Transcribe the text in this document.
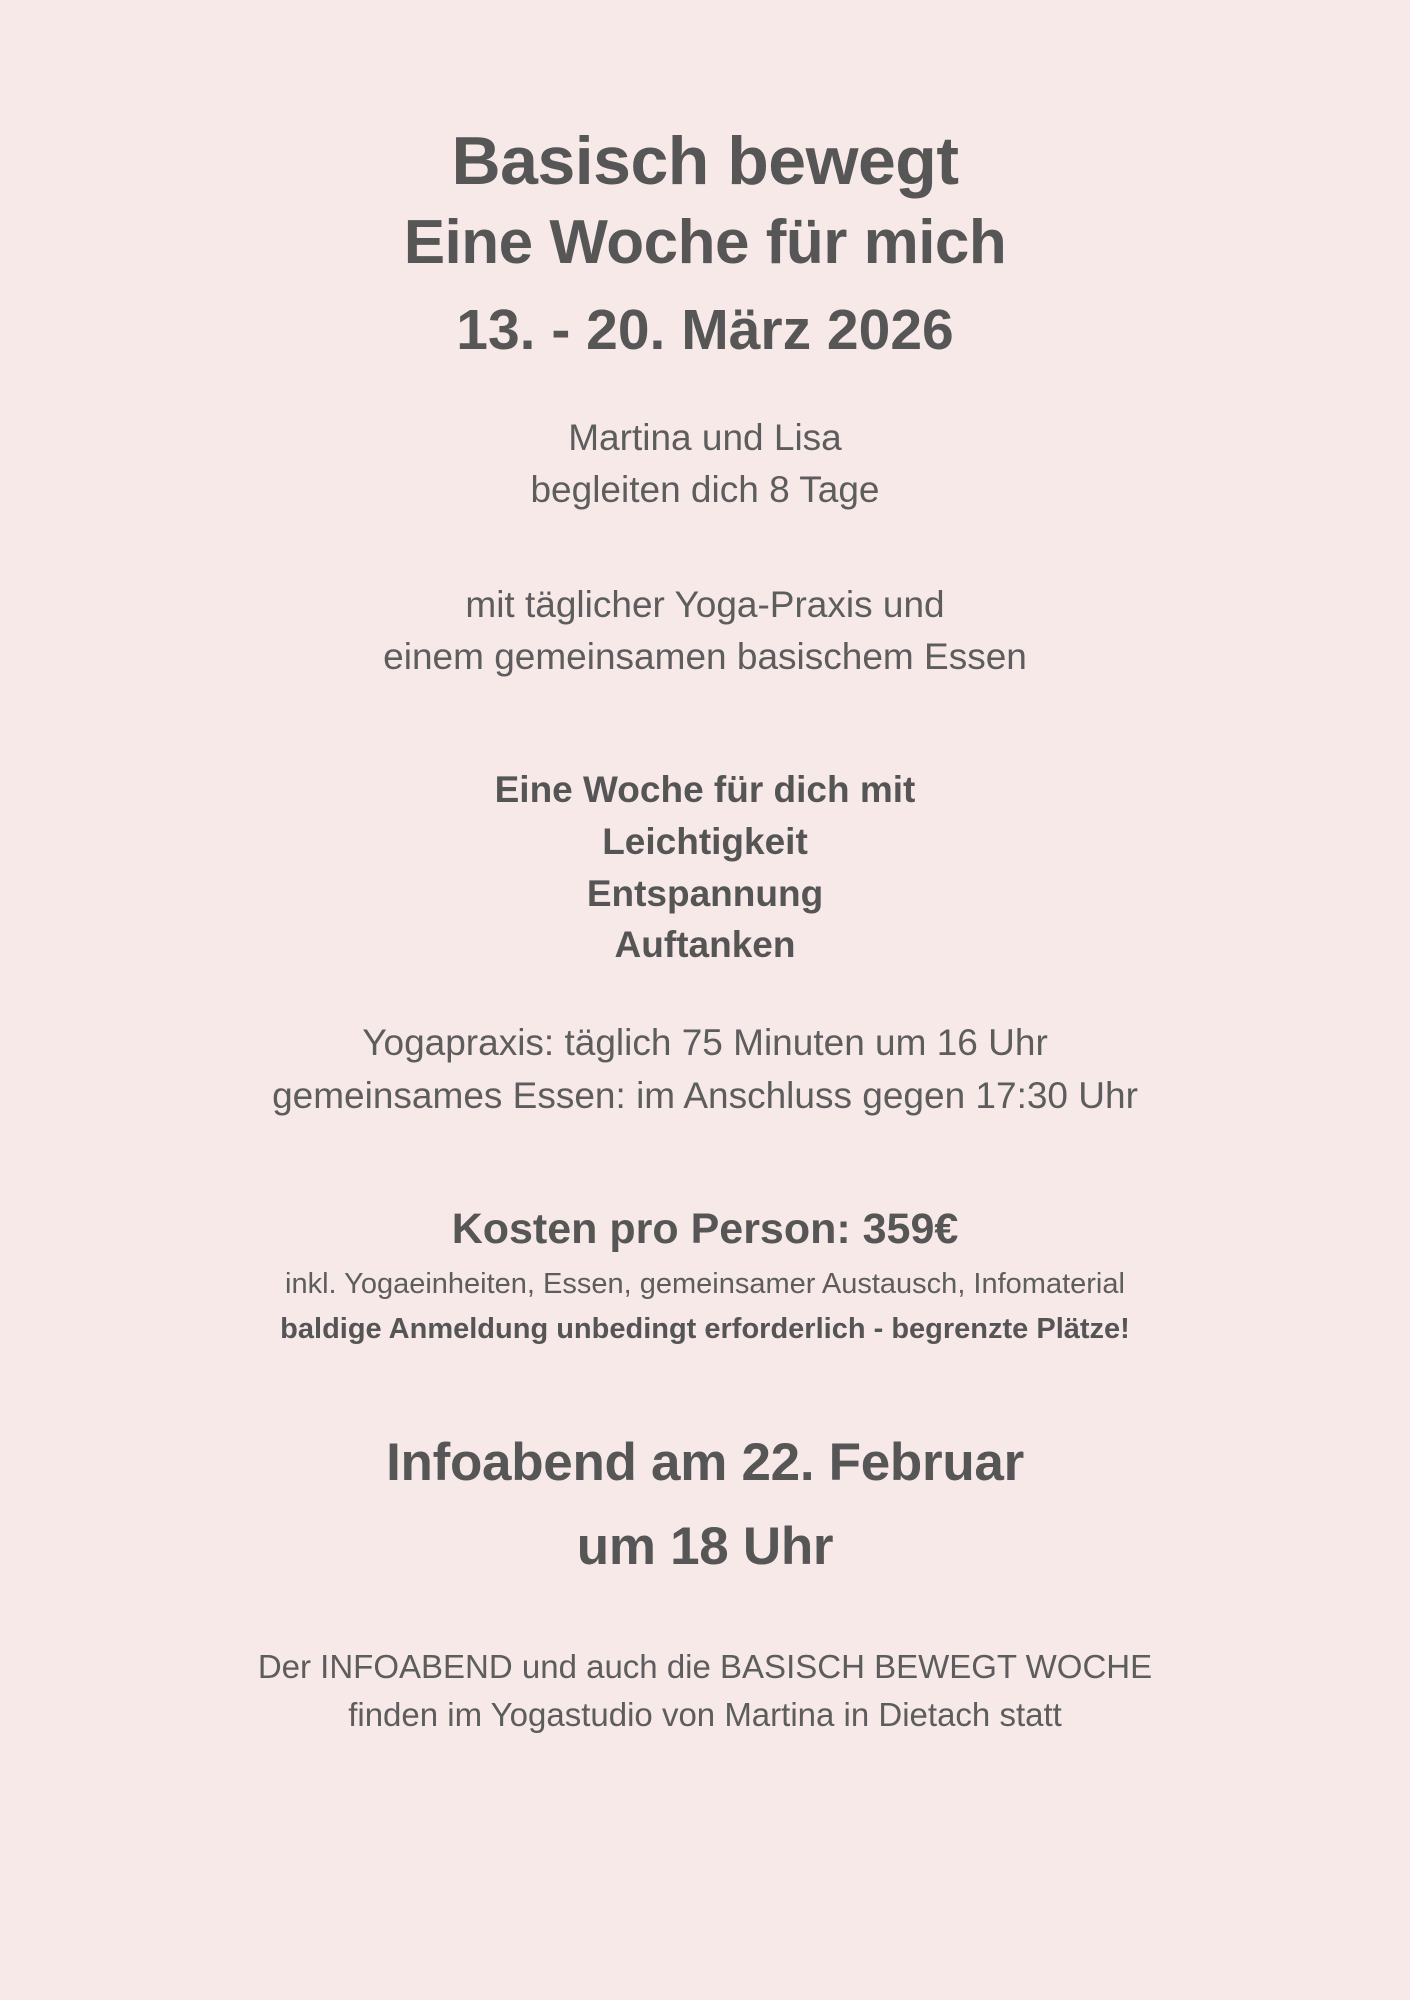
Basisch bewegt
Eine Woche für mich
13. - 20. März 2026
Martina und Lisa
begleiten dich 8 Tage
mit täglicher Yoga-Praxis und
einem gemeinsamen basischem Essen
Eine Woche für dich mit
Leichtigkeit
Entspannung
Auftanken
Yogapraxis: täglich 75 Minuten um 16 Uhr
gemeinsames Essen: im Anschluss gegen 17:30 Uhr
Kosten pro Person: 359€
inkl. Yogaeinheiten, Essen, gemeinsamer Austausch, Infomaterial
baldige Anmeldung unbedingt erforderlich - begrenzte Plätze!
Infoabend am 22. Februar
um 18 Uhr
Der INFOABEND und auch die BASISCH BEWEGT WOCHE
finden im Yogastudio von Martina in Dietach statt
